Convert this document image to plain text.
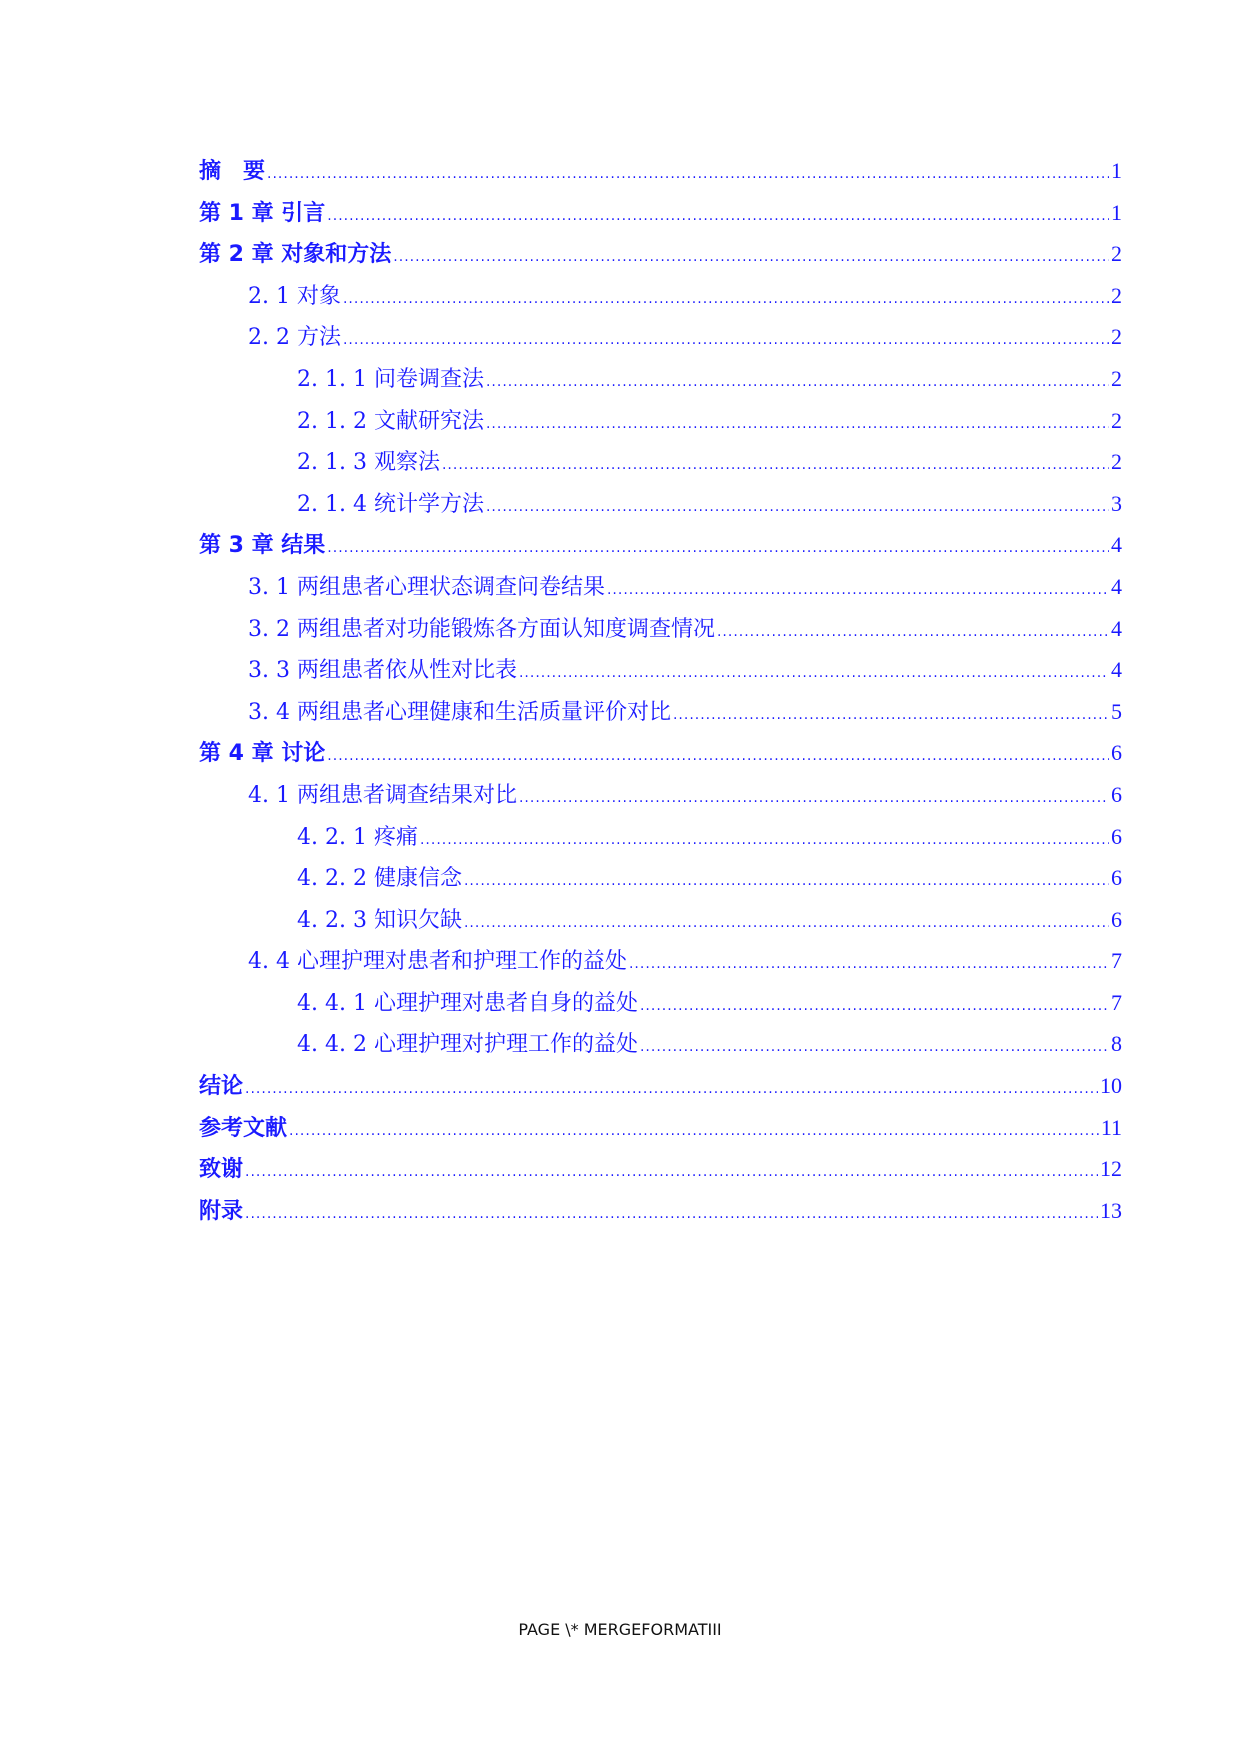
摘　要 .....	1
第 1 章 引言 .....	1
第 2 章 对象和方法 .....	2
2. 1 对象 .....	2
2. 2 方法 .....	2
2. 1. 1 问卷调查法 .....	2
2. 1. 2 文献研究法 .....	2
2. 1. 3 观察法 .....	2
2. 1. 4 统计学方法 .....	3
第 3 章 结果 .....	4
3. 1 两组患者心理状态调查问卷结果 .....	4
3. 2 两组患者对功能锻炼各方面认知度调查情况 .....	4
3. 3 两组患者依从性对比表 .....	4
3. 4 两组患者心理健康和生活质量评价对比 .....	5
第 4 章 讨论 .....	6
4. 1 两组患者调查结果对比 .....	6
4. 2. 1 疼痛 .....	6
4. 2. 2 健康信念 .....	6
4. 2. 3 知识欠缺 .....	6
4. 4 心理护理对患者和护理工作的益处 .....	7
4. 4. 1 心理护理对患者自身的益处 .....	7
4. 4. 2 心理护理对护理工作的益处 .....	8
结论 .....	10
参考文献 .....	11
致谢 .....	12
附录 .....	13
PAGE \* MERGEFORMATIII
